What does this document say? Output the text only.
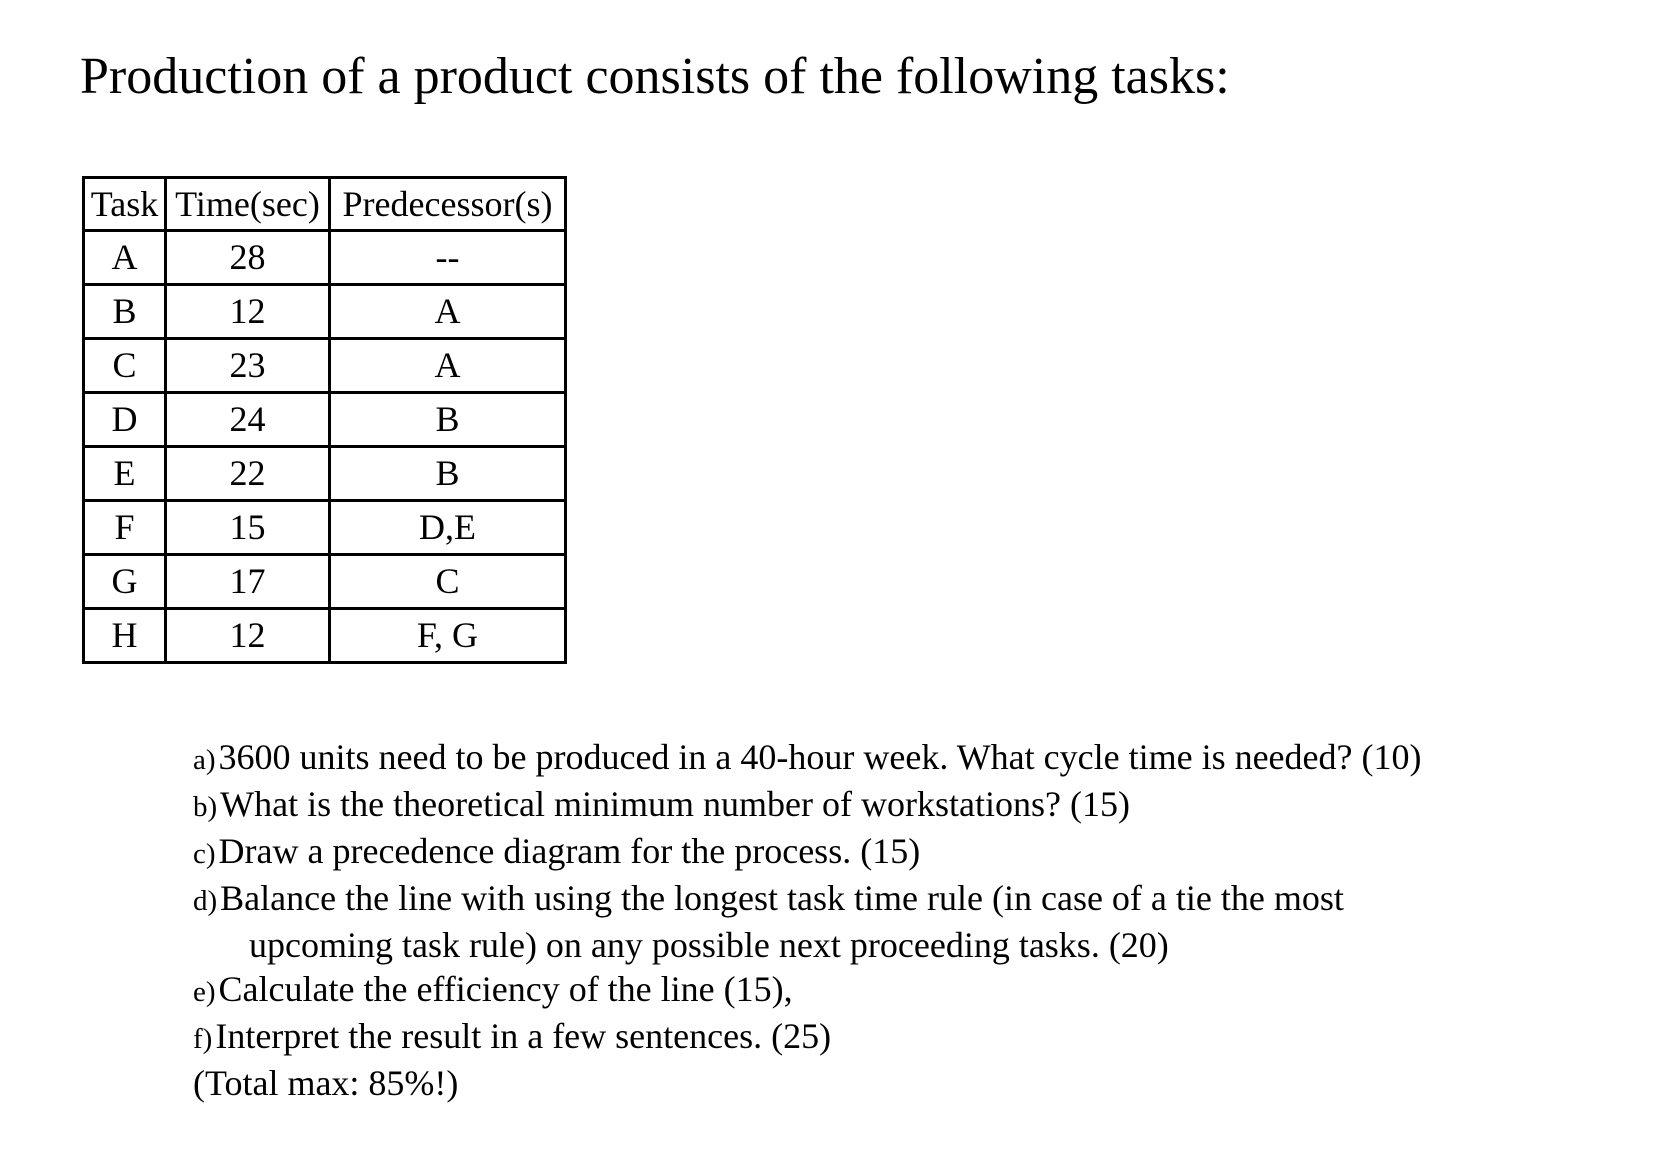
Production of a product consists of the following tasks:
Task	Time(sec)	Predecessor(s)
A	28	--
B	12	A
C	23	A
D	24	B
E	22	B
F	15	D,E
G	17	C
H	12	F, G
a)3600 units need to be produced in a 40-hour week. What cycle time is needed? (10)
b)What is the theoretical minimum number of workstations? (15)
c)Draw a precedence diagram for the process. (15)
d)Balance the line with using the longest task time rule (in case of a tie the most
upcoming task rule) on any possible next proceeding tasks. (20)
e)Calculate the efficiency of the line (15),
f)Interpret the result in a few sentences. (25)
(Total max: 85%!)
